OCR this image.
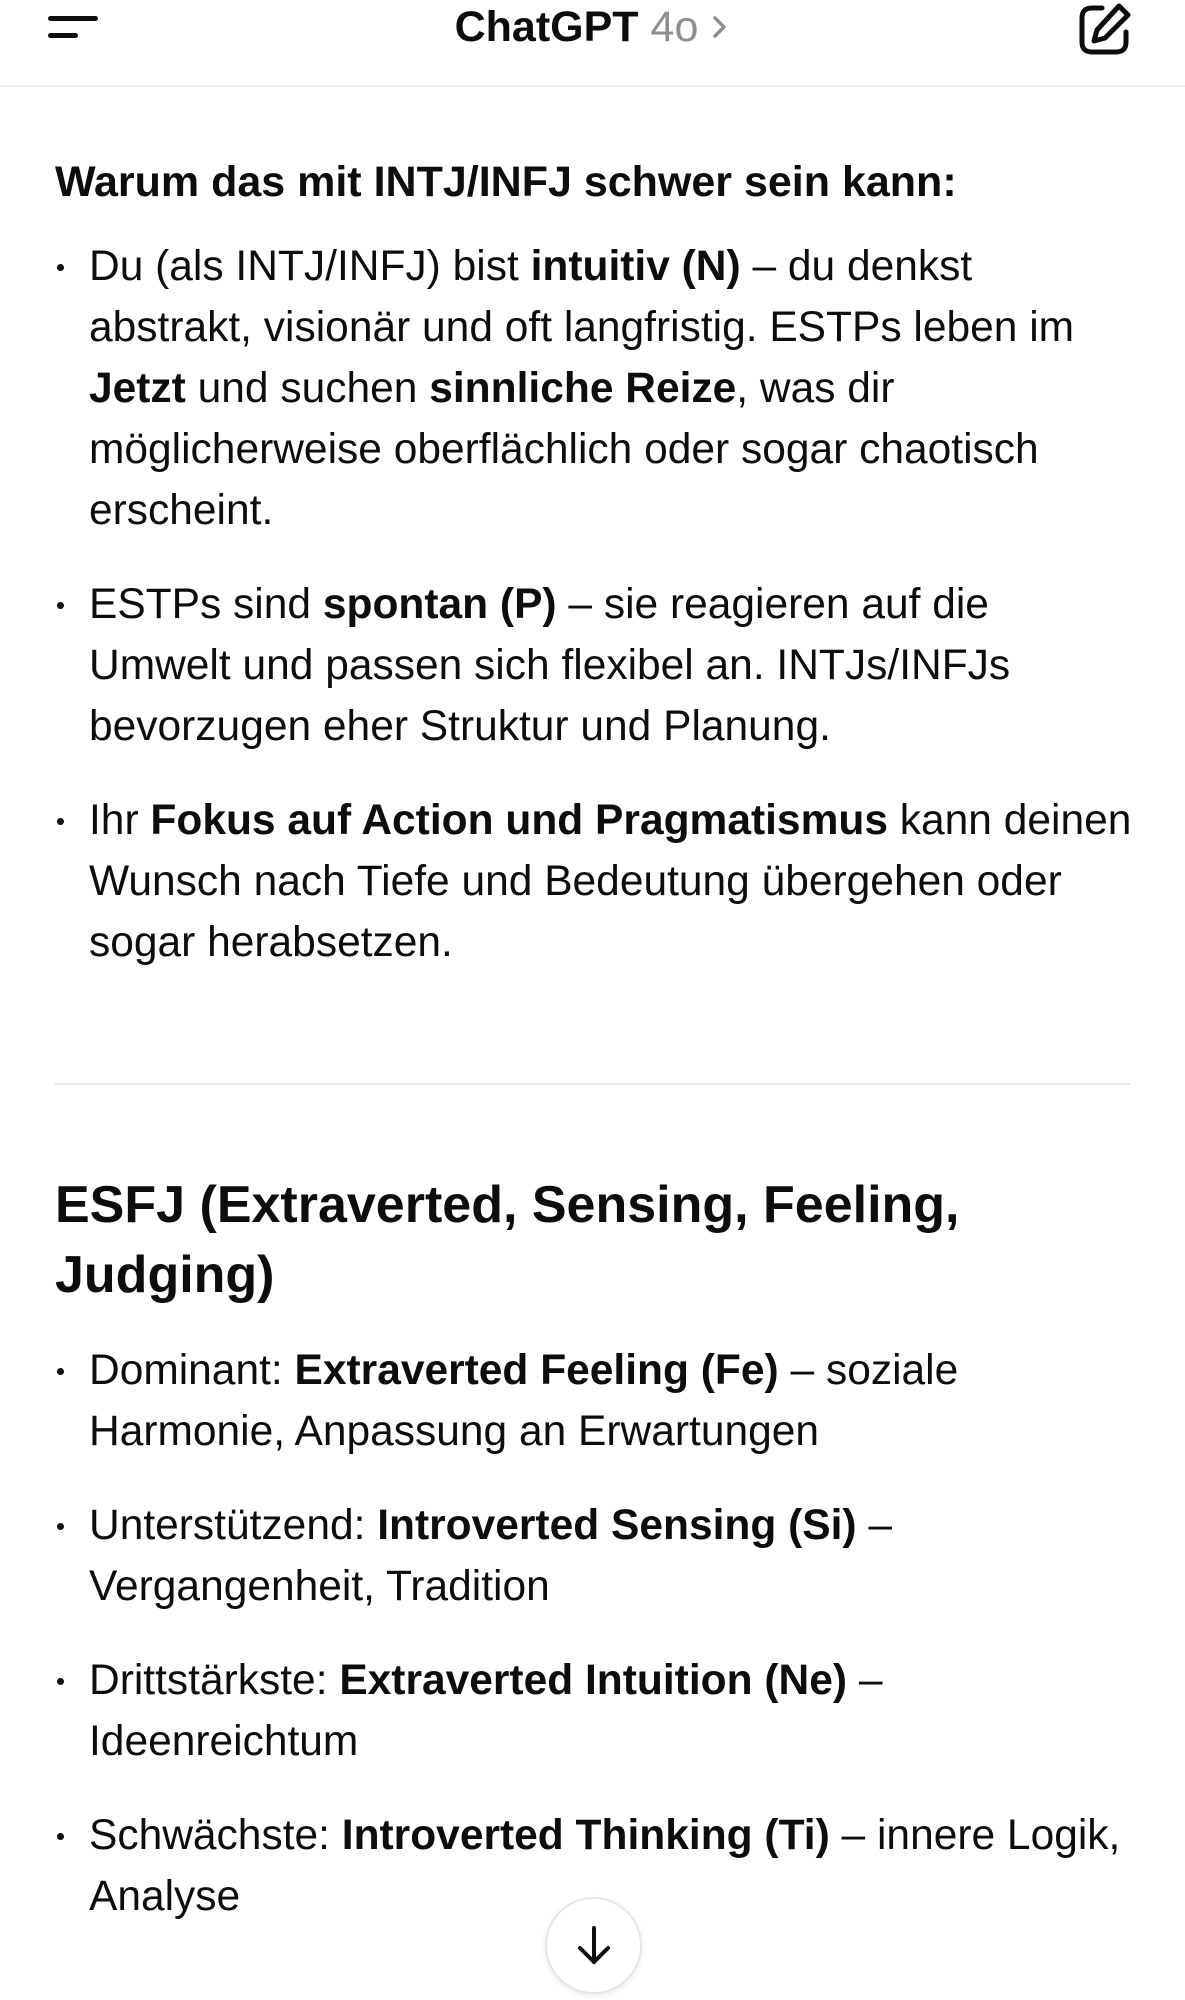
ChatGPT 4o
Warum das mit INTJ/INFJ schwer sein kann:
Du (als INTJ/INFJ) bist intuitiv (N) – du denkst abstrakt, visionär und oft langfristig. ESTPs leben im Jetzt und suchen sinnliche Reize, was dir möglicherweise oberflächlich oder sogar chaotisch erscheint.
ESTPs sind spontan (P) – sie reagieren auf die Umwelt und passen sich flexibel an. INTJs/INFJs bevorzugen eher Struktur und Planung.
Ihr Fokus auf Action und Pragmatismus kann deinen Wunsch nach Tiefe und Bedeutung übergehen oder sogar herabsetzen.
ESFJ (Extraverted, Sensing, Feeling, Judging)
Dominant: Extraverted Feeling (Fe) – soziale Harmonie, Anpassung an Erwartungen
Unterstützend: Introverted Sensing (Si) – Vergangenheit, Tradition
Drittstärkste: Extraverted Intuition (Ne) – Ideenreichtum
Schwächste: Introverted Thinking (Ti) – innere Logik, Analyse
